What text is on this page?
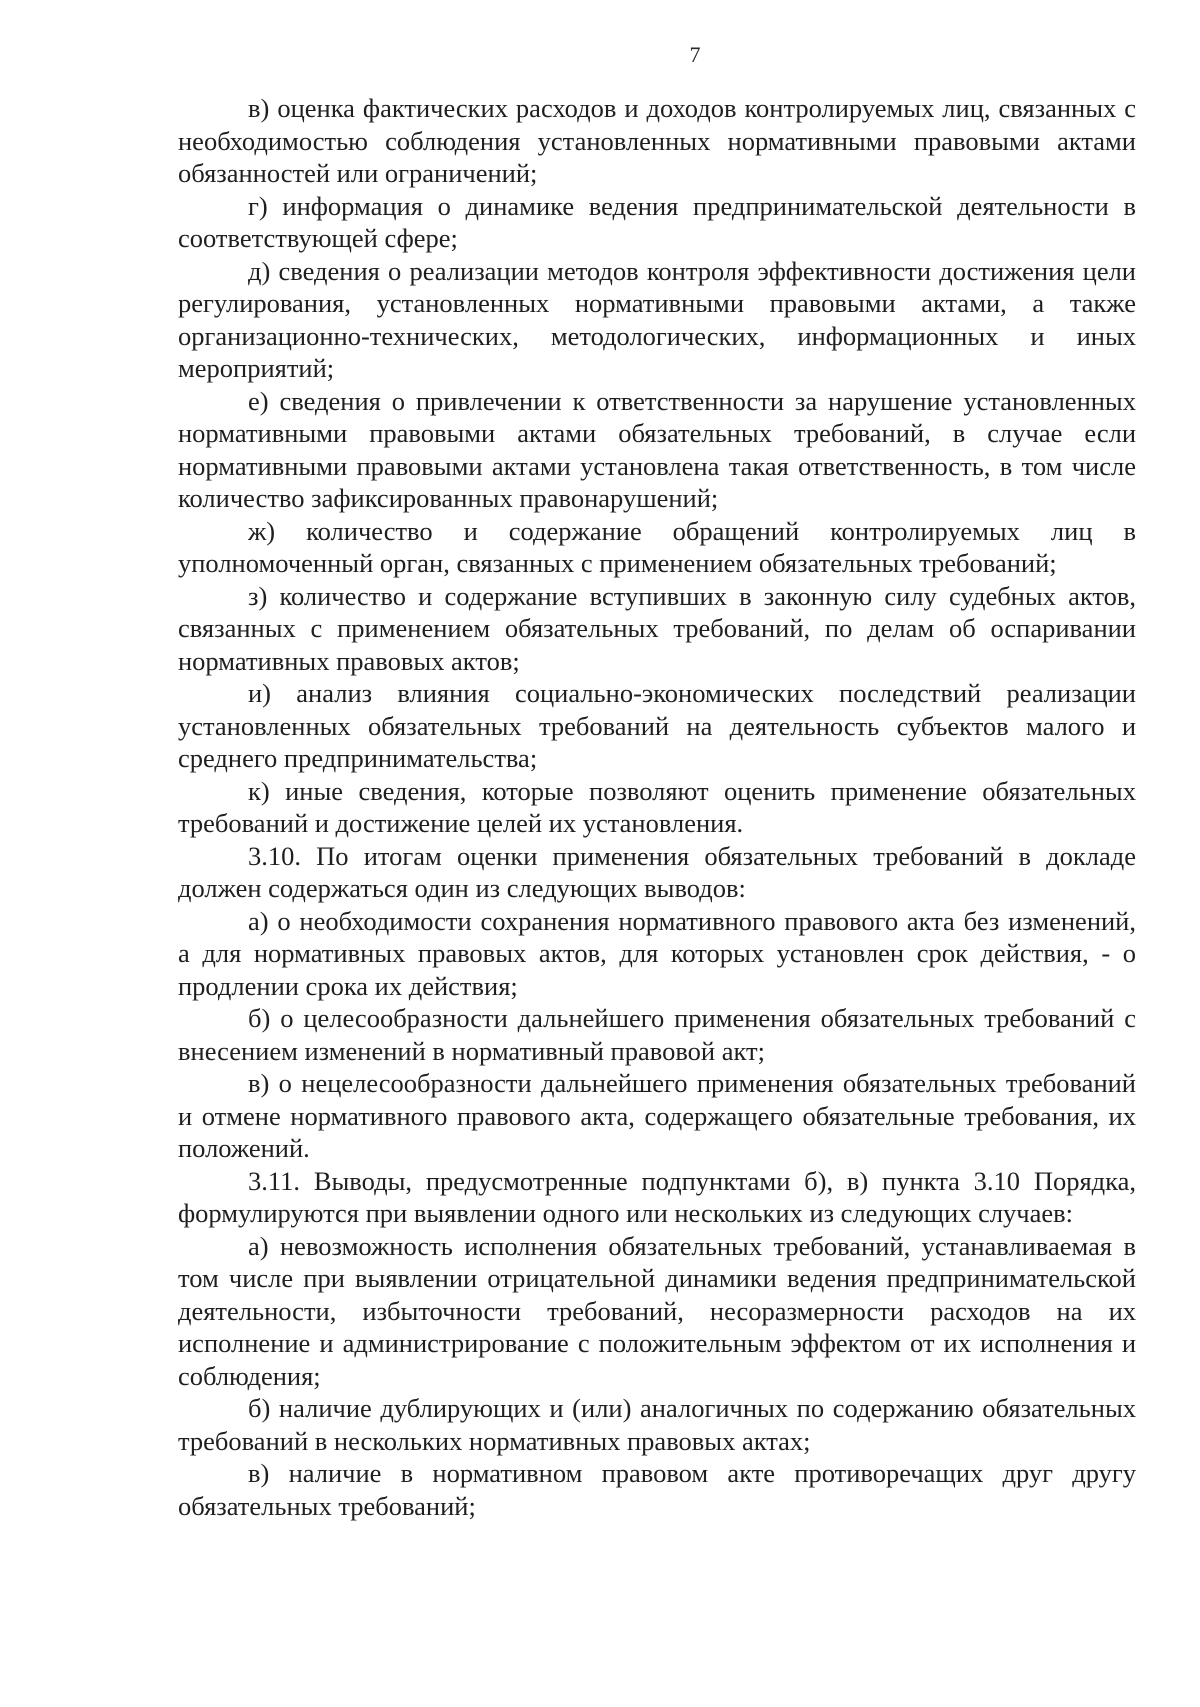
7

в) оценка фактических расходов и доходов контролируемых лиц, связанных с необходимостью соблюдения установленных нормативными правовыми актами обязанностей или ограничений;

г) информация о динамике ведения предпринимательской деятельности в соответствующей сфере;

д) сведения о реализации методов контроля эффективности достижения цели регулирования, установленных нормативными правовыми актами, а также организационно-технических, методологических, информационных и иных мероприятий;

е) сведения о привлечении к ответственности за нарушение установленных нормативными правовыми актами обязательных требований, в случае если нормативными правовыми актами установлена такая ответственность, в том числе количество зафиксированных правонарушений;

ж) количество и содержание обращений контролируемых лиц в уполномоченный орган, связанных с применением обязательных требований;

з) количество и содержание вступивших в законную силу судебных актов, связанных с применением обязательных требований, по делам об оспаривании нормативных правовых актов;

и) анализ влияния социально-экономических последствий реализации установленных обязательных требований на деятельность субъектов малого и среднего предпринимательства;

к) иные сведения, которые позволяют оценить применение обязательных требований и достижение целей их установления.

3.10. По итогам оценки применения обязательных требований в докладе должен содержаться один из следующих выводов:

а) о необходимости сохранения нормативного правового акта без изменений, а для нормативных правовых актов, для которых установлен срок действия, - о продлении срока их действия;

б) о целесообразности дальнейшего применения обязательных требований с внесением изменений в нормативный правовой акт;

в) о нецелесообразности дальнейшего применения обязательных требований и отмене нормативного правового акта, содержащего обязательные требования, их положений.

3.11. Выводы, предусмотренные подпунктами б), в) пункта 3.10 Порядка, формулируются при выявлении одного или нескольких из следующих случаев:

а) невозможность исполнения обязательных требований, устанавливаемая в том числе при выявлении отрицательной динамики ведения предпринимательской деятельности, избыточности требований, несоразмерности расходов на их исполнение и администрирование с положительным эффектом от их исполнения и соблюдения;

б) наличие дублирующих и (или) аналогичных по содержанию обязательных требований в нескольких нормативных правовых актах;

в) наличие в нормативном правовом акте противоречащих друг другу обязательных требований;
